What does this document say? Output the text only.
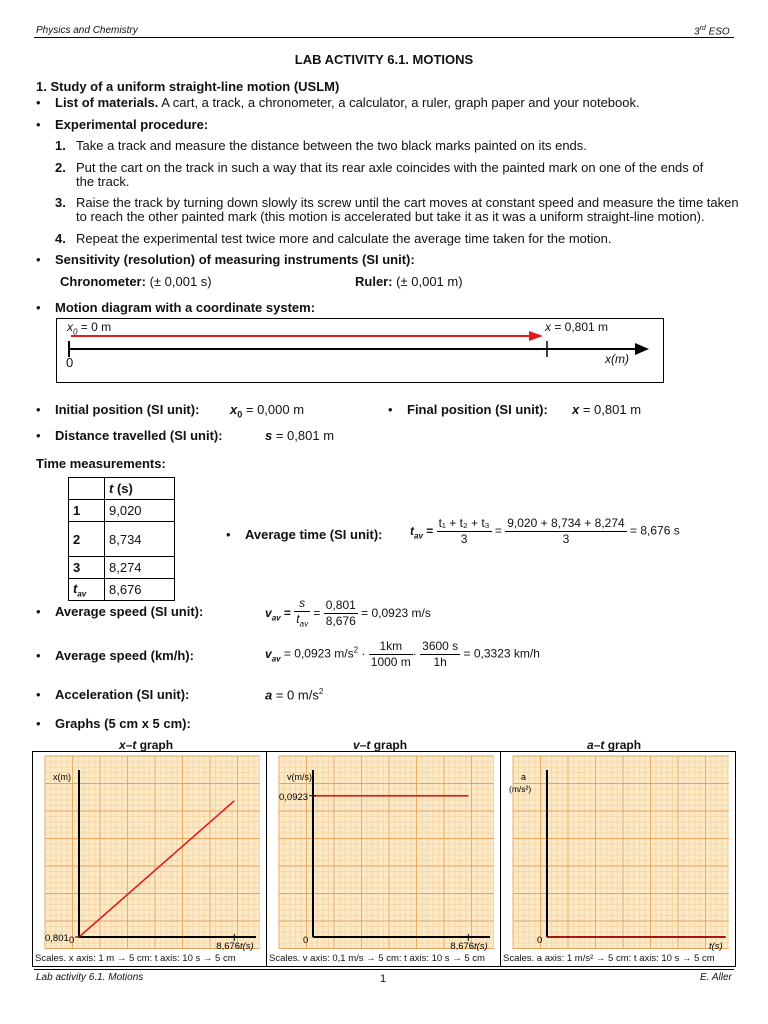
Physics and Chemistry	3rd ESO
LAB ACTIVITY 6.1. MOTIONS
1. Study of a uniform straight-line motion (USLM)
• List of materials. A cart, a track, a chronometer, a calculator, a ruler, graph paper and your notebook.
• Experimental procedure:
1. Take a track and measure the distance between the two black marks painted on its ends.
2. Put the cart on the track in such a way that its rear axle coincides with the painted mark on one of the ends of
the track.
3. Raise the track by turning down slowly its screw until the cart moves at constant speed and measure the time taken
to reach the other painted mark (this motion is accelerated but take it as it was a uniform straight-line motion).
4. Repeat the experimental test twice more and calculate the average time taken for the motion.
• Sensitivity (resolution) of measuring instruments (SI unit):
Chronometer: (± 0,001 s)	Ruler: (± 0,001 m)
• Motion diagram with a coordinate system:
$x_0 = 0$ m	x = 0,801 m
0	x(m)
• Initial position (SI unit): $x_0 = 0,000$ m	• Final position (SI unit): x = 0,801 m
• Distance travelled (SI unit):	s = 0,801 m
Time measurements:
	t (s)
1	9,020
2	8,734
3	8,274
$t_{av}$	8,676
• Average time (SI unit): $t_{av} = \frac{\text{t₁ + t₂ + t₃}}{3} = \frac{9,020 + 8,734 + 8,274}{3} = 8,676$ s
• Average speed (SI unit):	$v_{av} = \frac{s}{t_{av}} = \frac{0,801}{8,676} = 0,0923$ m/s
• Average speed (km/h):	$v_{av} = 0,0923$ $m/s^2 \cdot \frac{1km}{1000 m} \cdot \frac{3600 s}{1h} = 0,3323$ km/h
• Acceleration (SI unit):	a = 0 $m/s^2$
• Graphs (5 cm x 5 cm):
x–t graph	v–t graph	a–t graph
x(m)
0,801 0
8,676 t(s)
Scales. x axis: 1 m → 5 cm: t axis: 10 s → 5 cm
v(m/s)
0,0923
0
8,676 t(s)
Scales. v axis: 0,1 m/s → 5 cm: t axis: 10 s → 5 cm
a
(m/s²)
0
t(s)
Scales. a axis: 1 m/s² → 5 cm: t axis: 10 s → 5 cm
Lab activity 6.1. Motions	1	E. Aller
